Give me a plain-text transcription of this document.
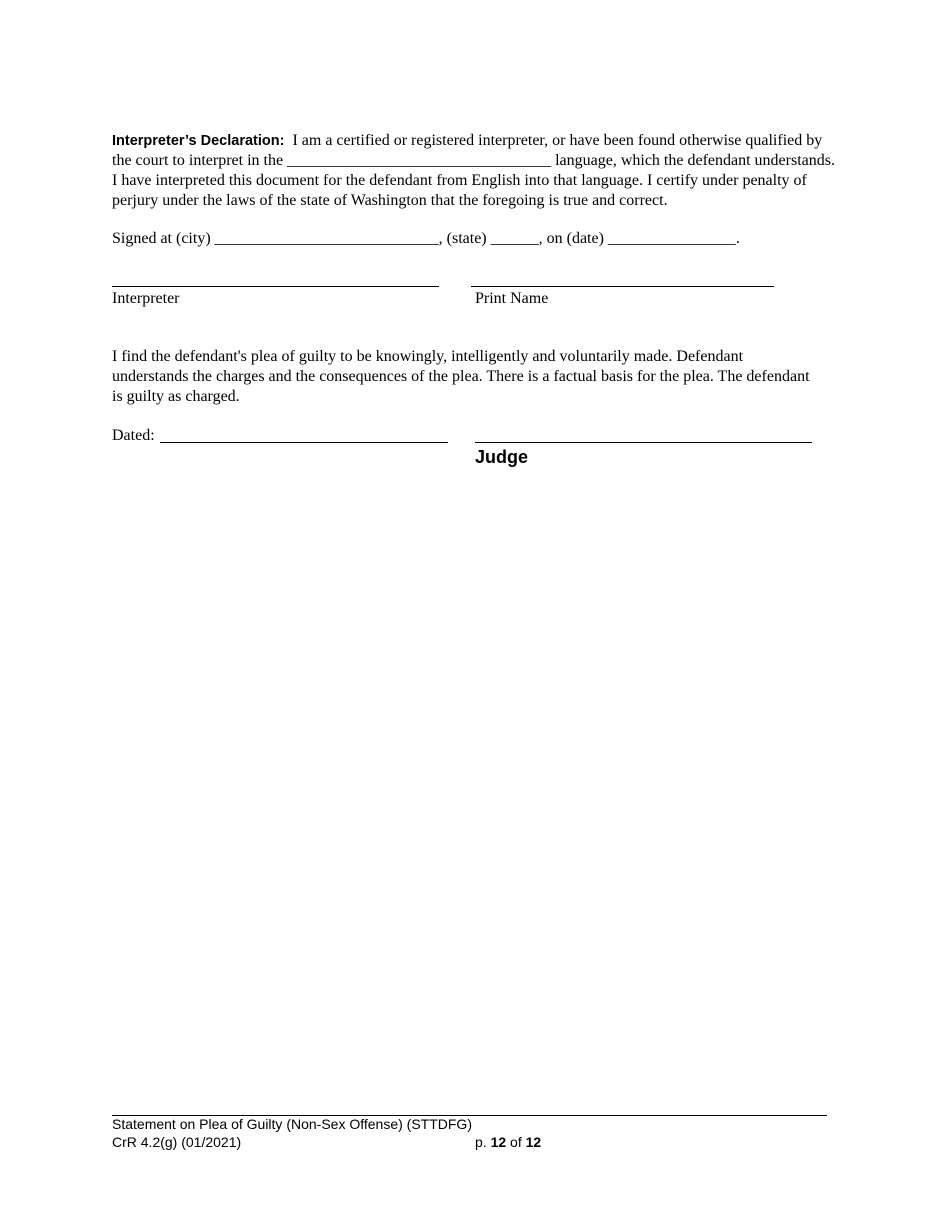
Interpreter’s Declaration: I am a certified or registered interpreter, or have been found otherwise qualified by the court to interpret in the _________________________________ language, which the defendant understands. I have interpreted this document for the defendant from English into that language. I certify under penalty of perjury under the laws of the state of Washington that the foregoing is true and correct.
Signed at (city) ____________________________, (state) ______, on (date) ________________.
Interpreter	Print Name
I find the defendant's plea of guilty to be knowingly, intelligently and voluntarily made. Defendant understands the charges and the consequences of the plea. There is a factual basis for the plea. The defendant is guilty as charged.
Dated:
Judge
Statement on Plea of Guilty (Non-Sex Offense) (STTDFG)
CrR 4.2(g) (01/2021)	p. 12 of 12
